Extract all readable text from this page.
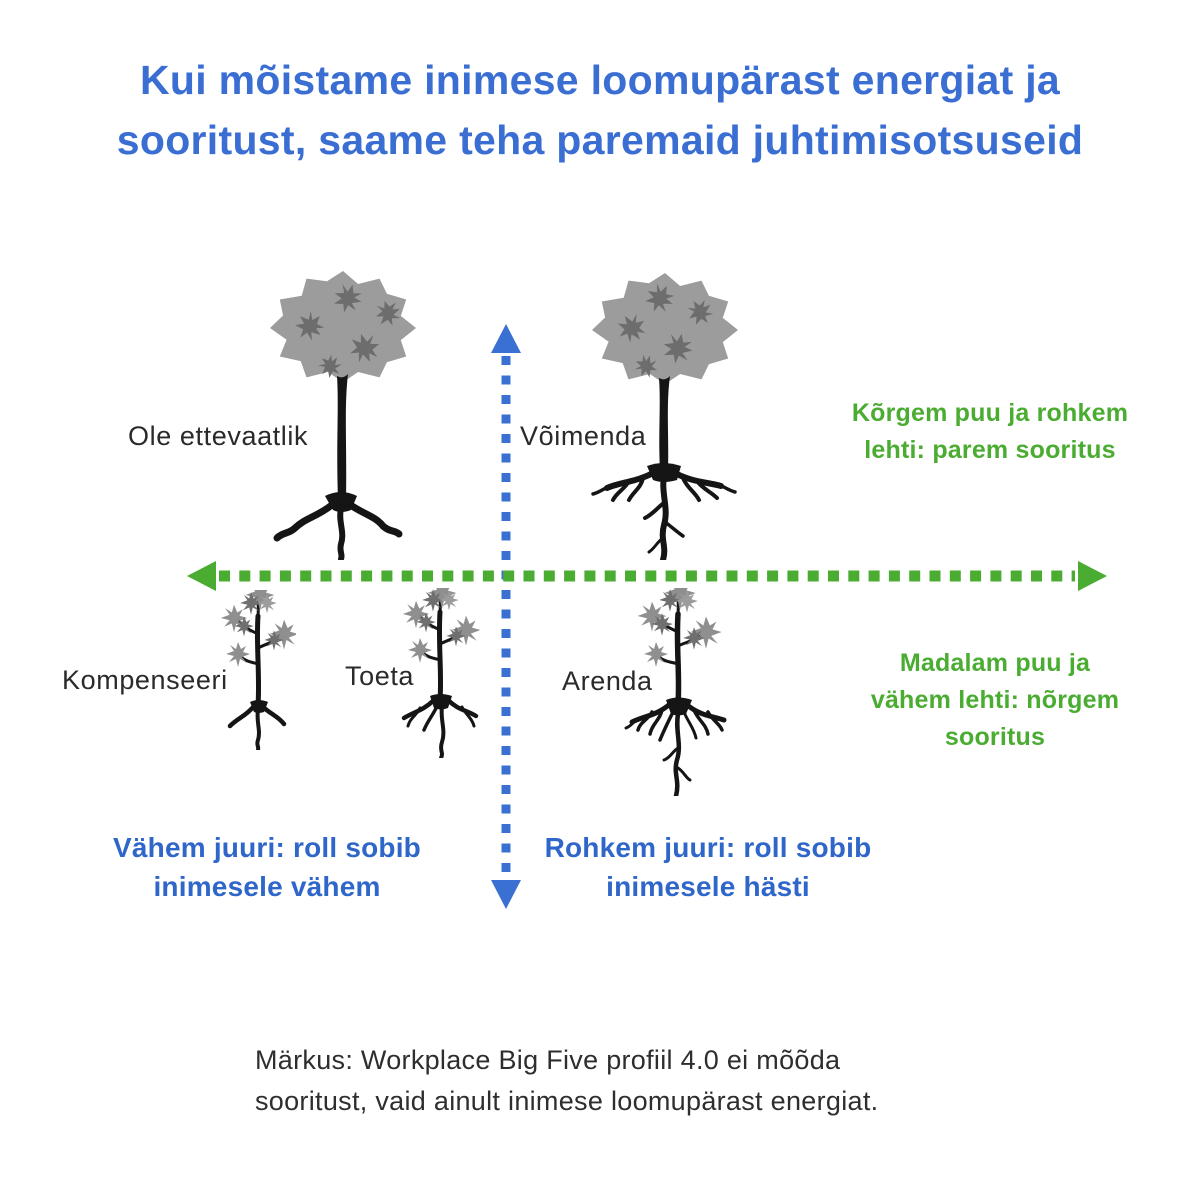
Kui mõistame inimese loomupärast energiat ja
sooritust, saame teha paremaid juhtimisotsuseid
Ole ettevaatlik	Võimenda
Kompenseeri	Toeta	Arenda
Kõrgem puu ja rohkem
lehti: parem sooritus
Madalam puu ja
vähem lehti: nõrgem
sooritus
Vähem juuri: roll sobib
inimesele vähem
Rohkem juuri: roll sobib
inimesele hästi
Märkus: Workplace Big Five profiil 4.0 ei mõõda
sooritust, vaid ainult inimese loomupärast energiat.
